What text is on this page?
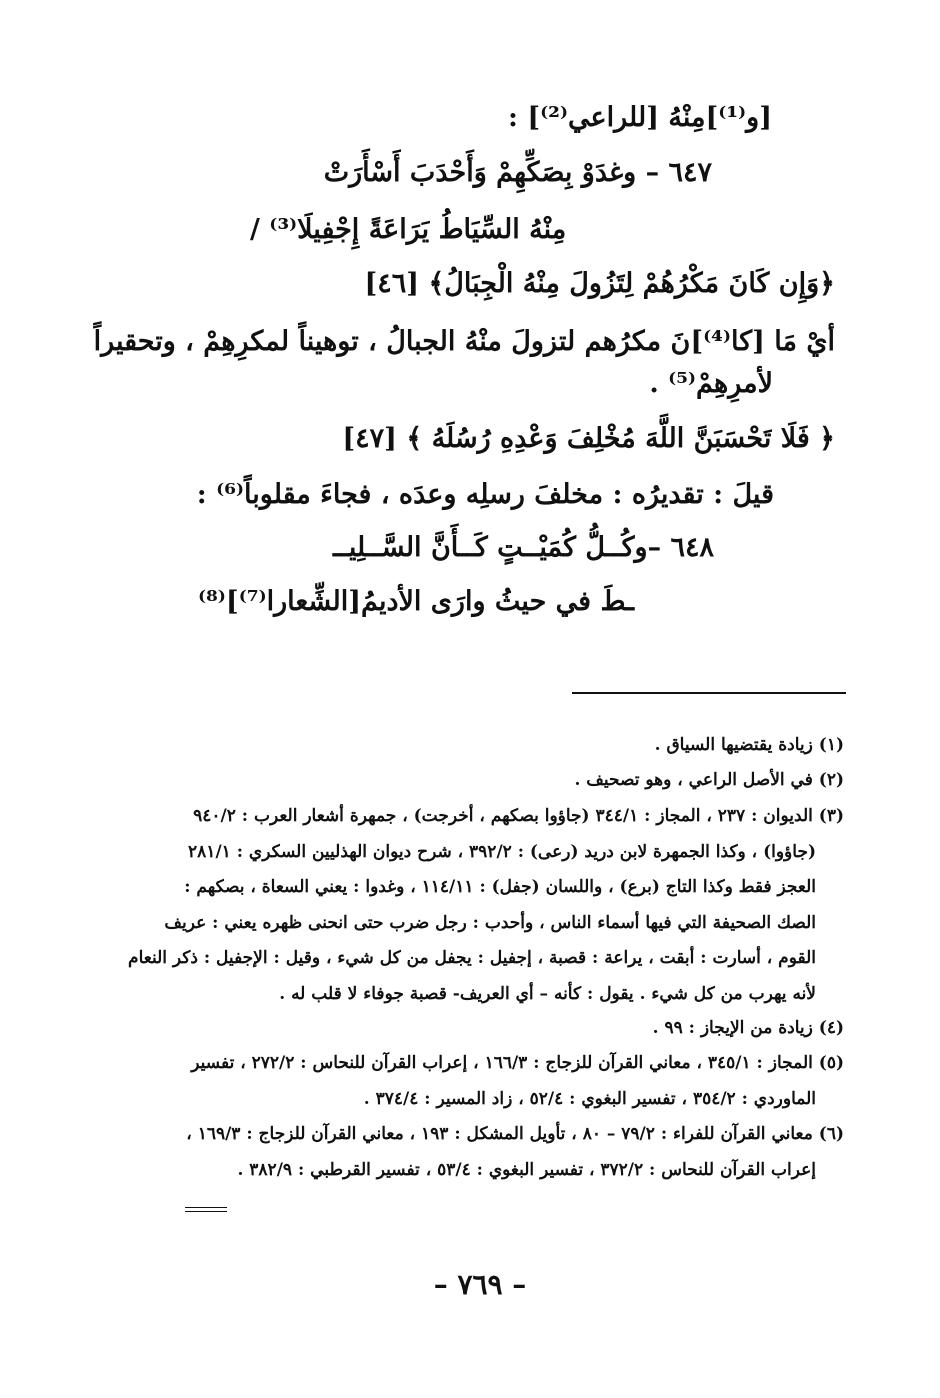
[و⁽¹⁾]مِنْهُ [للراعي⁽²⁾] :
٦٤٧ – وغدَوْ بِصَكِّهِمْ وَأَحْدَبَ أَسْأَرَتْ
مِنْهُ السِّيَاطُ يَرَاعَةً إِجْفِيلَا⁽³⁾ /
﴿وَإِن كَانَ مَكْرُهُمْ لِتَزُولَ مِنْهُ الْجِبَالُ﴾ [٤٦]
أيْ مَا [كا⁽⁴⁾]نَ مكرُهم لتزولَ منْهُ الجبالُ ، توهيناً لمكرِهِمْ ، وتحقيراً
لأمرِهِمْ⁽⁵⁾ .
﴿ فَلَا تَحْسَبَنَّ اللَّهَ مُخْلِفَ وَعْدِهِ رُسُلَهُ ﴾ [٤٧]
قيلَ : تقديرُه : مخلفَ رسلِه وعدَه ، فجاءَ مقلوباً⁽⁶⁾ :
٦٤٨ –وكُــلُّ كُمَيْــتٍ كَــأَنَّ السَّــلِيــ
ـطَ في حيثُ وارَى الأديمُ[الشِّعارا⁽⁷⁾]⁽⁸⁾
(١) زيادة يقتضيها السياق .
(٢) في الأصل الراعي ، وهو تصحيف .
(٣) الديوان : ٢٣٧ ، المجاز : ٣٤٤/١ (جاؤوا بصكهم ، أخرجت) ، جمهرة أشعار العرب : ٩٤٠/٢
(جاؤوا) ، وكذا الجمهرة لابن دريد (رعى) : ٣٩٢/٢ ، شرح ديوان الهذليين السكري : ٢٨١/١
العجز فقط وكذا التاج (برع) ، واللسان (جفل) : ١١٤/١١ ، وغدوا : يعني السعاة ، بصكهم :
الصك الصحيفة التي فيها أسماء الناس ، وأحدب : رجل ضرب حتى انحنى ظهره يعني : عريف
القوم ، أسارت : أبقت ، يراعة : قصبة ، إجفيل : يجفل من كل شيء ، وقيل : الإجفيل : ذكر النعام
لأنه يهرب من كل شيء . يقول : كأنه – أي العريف- قصبة جوفاء لا قلب له .
(٤) زيادة من الإيجاز : ٩٩ .
(٥) المجاز : ٣٤٥/١ ، معاني القرآن للزجاج : ١٦٦/٣ ، إعراب القرآن للنحاس : ٢٧٢/٢ ، تفسير
الماوردي : ٣٥٤/٢ ، تفسير البغوي : ٥٢/٤ ، زاد المسير : ٣٧٤/٤ .
(٦) معاني القرآن للفراء : ٧٩/٢ – ٨٠ ، تأويل المشكل : ١٩٣ ، معاني القرآن للزجاج : ١٦٩/٣ ،
إعراب القرآن للنحاس : ٣٧٢/٢ ، تفسير البغوي : ٥٣/٤ ، تفسير القرطبي : ٣٨٢/٩ .
– ٧٦٩ –
